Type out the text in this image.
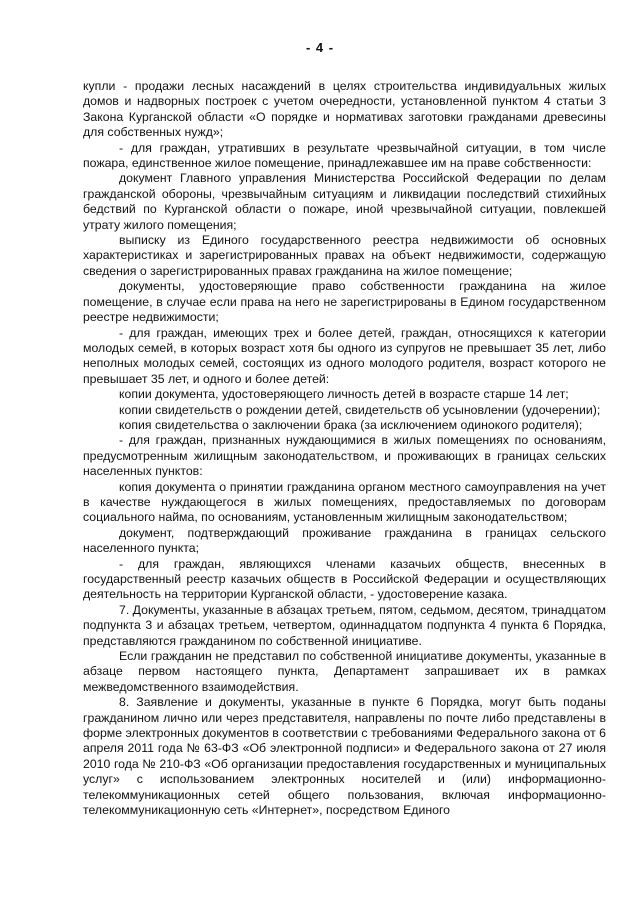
- 4 -

купли - продажи лесных насаждений в целях строительства индивидуальных жилых домов и надворных построек с учетом очередности, установленной пунктом 4 статьи 3 Закона Курганской области «О порядке и нормативах заготовки гражданами древесины для собственных нужд»;

- для граждан, утративших в результате чрезвычайной ситуации, в том числе пожара, единственное жилое помещение, принадлежавшее им на праве собственности:

документ Главного управления Министерства Российской Федерации по делам гражданской обороны, чрезвычайным ситуациям и ликвидации последствий стихийных бедствий по Курганской области о пожаре, иной чрезвычайной ситуации, повлекшей утрату жилого помещения;

выписку из Единого государственного реестра недвижимости об основных характеристиках и зарегистрированных правах на объект недвижимости, содержащую сведения о зарегистрированных правах гражданина на жилое помещение;

документы, удостоверяющие право собственности гражданина на жилое помещение, в случае если права на него не зарегистрированы в Едином государственном реестре недвижимости;

- для граждан, имеющих трех и более детей, граждан, относящихся к категории молодых семей, в которых возраст хотя бы одного из супругов не превышает 35 лет, либо неполных молодых семей, состоящих из одного молодого родителя, возраст которого не превышает 35 лет, и одного и более детей:

копии документа, удостоверяющего личность детей в возрасте старше 14 лет;

копии свидетельств о рождении детей, свидетельств об усыновлении (удочерении);

копия свидетельства о заключении брака (за исключением одинокого родителя);

- для граждан, признанных нуждающимися в жилых помещениях по основаниям, предусмотренным жилищным законодательством, и проживающих в границах сельских населенных пунктов:

копия документа о принятии гражданина органом местного самоуправления на учет в качестве нуждающегося в жилых помещениях, предоставляемых по договорам социального найма, по основаниям, установленным жилищным законодательством;

документ, подтверждающий проживание гражданина в границах сельского населенного пункта;

- для граждан, являющихся членами казачьих обществ, внесенных в государственный реестр казачьих обществ в Российской Федерации и осуществляющих деятельность на территории Курганской области, - удостоверение казака.

7. Документы, указанные в абзацах третьем, пятом, седьмом, десятом, тринадцатом подпункта 3 и абзацах третьем, четвертом, одиннадцатом подпункта 4 пункта 6 Порядка, представляются гражданином по собственной инициативе.

Если гражданин не представил по собственной инициативе документы, указанные в абзаце первом настоящего пункта, Департамент запрашивает их в рамках межведомственного взаимодействия.

8. Заявление и документы, указанные в пункте 6 Порядка, могут быть поданы гражданином лично или через представителя, направлены по почте либо представлены в форме электронных документов в соответствии с требованиями Федерального закона от 6 апреля 2011 года № 63-ФЗ «Об электронной подписи» и Федерального закона от 27 июля 2010 года № 210-ФЗ «Об организации предоставления государственных и муниципальных услуг» с использованием электронных носителей и (или) информационно-телекоммуникационных сетей общего пользования, включая информационно-телекоммуникационную сеть «Интернет», посредством Единого
